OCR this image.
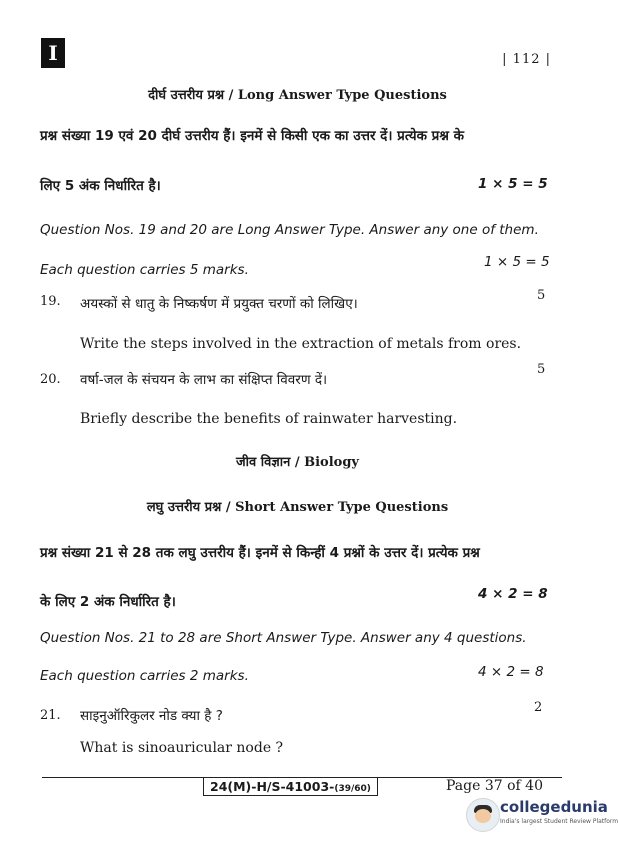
I	| 112 |
दीर्घ उत्तरीय प्रश्न / Long Answer Type Questions
प्रश्न संख्या 19 एवं 20 दीर्घ उत्तरीय हैं। इनमें से किसी एक का उत्तर दें। प्रत्येक प्रश्न के
लिए 5 अंक निर्धारित है।	1 × 5 = 5
Question Nos. 19 and 20 are Long Answer Type. Answer any one of them.
Each question carries 5 marks.	1 × 5 = 5
19. अयस्कों से धातु के निष्कर्षण में प्रयुक्त चरणों को लिखिए।
5
Write the steps involved in the extraction of metals from ores.
20. वर्षा-जल के संचयन के लाभ का संक्षिप्त विवरण दें।
5
Briefly describe the benefits of rainwater harvesting.
जीव विज्ञान / Biology
लघु उत्तरीय प्रश्न / Short Answer Type Questions
प्रश्न संख्या 21 से 28 तक लघु उत्तरीय हैं। इनमें से किन्हीं 4 प्रश्नों के उत्तर दें। प्रत्येक प्रश्न
के लिए 2 अंक निर्धारित है।	4 × 2 = 8
Question Nos. 21 to 28 are Short Answer Type. Answer any 4 questions.
Each question carries 2 marks.	4 × 2 = 8
21. साइनुऑरिकुलर नोड क्या है ?
2
What is sinoauricular node ?
24(M)-H/S-41003-(39/60)	Page 37 of 40
collegedunia
India's largest Student Review Platform
